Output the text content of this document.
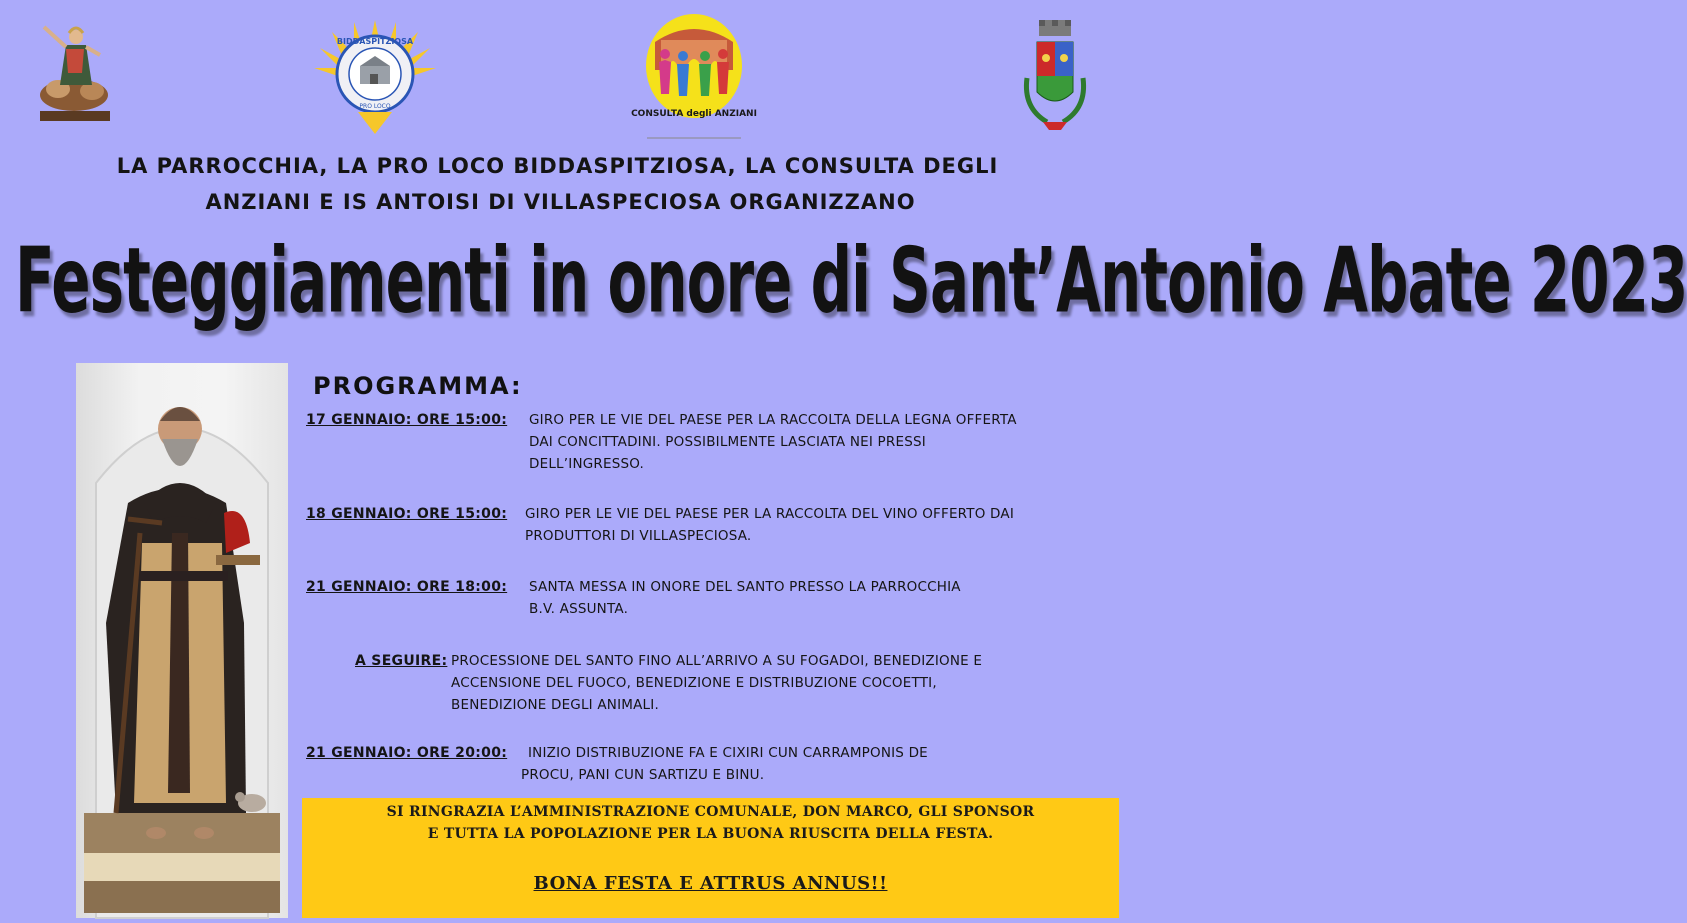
BIDDASPITZIOSA
PRO LOCO
CONSULTA degli ANZIANI
LA PARROCCHIA, LA PRO LOCO BIDDASPITZIOSA, LA CONSULTA DEGLI
ANZIANI E IS ANTOISI DI VILLASPECIOSA ORGANIZZANO
Festeggiamenti in onore di Sant’Antonio Abate 2023
PROGRAMMA:
17 GENNAIO: ORE 15:00: GIRO PER LE VIE DEL PAESE PER LA RACCOLTA DELLA LEGNA OFFERTA
DAI CONCITTADINI. POSSIBILMENTE LASCIATA NEI PRESSI
DELL’INGRESSO.
18 GENNAIO: ORE 15:00: GIRO PER LE VIE DEL PAESE PER LA RACCOLTA DEL VINO OFFERTO DAI
PRODUTTORI DI VILLASPECIOSA.
21 GENNAIO: ORE 18:00: SANTA MESSA IN ONORE DEL SANTO PRESSO LA PARROCCHIA
B.V. ASSUNTA.
A SEGUIRE: PROCESSIONE DEL SANTO FINO ALL’ARRIVO A SU FOGADOI, BENEDIZIONE E
ACCENSIONE DEL FUOCO, BENEDIZIONE E DISTRIBUZIONE COCOETTI,
BENEDIZIONE DEGLI ANIMALI.
21 GENNAIO: ORE 20:00: INIZIO DISTRIBUZIONE FA E CIXIRI CUN CARRAMPONIS DE
PROCU, PANI CUN SARTIZU E BINU.
SI RINGRAZIA L’AMMINISTRAZIONE COMUNALE, DON MARCO, GLI SPONSOR
E TUTTA LA POPOLAZIONE PER LA BUONA RIUSCITA DELLA FESTA.
BONA FESTA E ATTRUS ANNUS!!
